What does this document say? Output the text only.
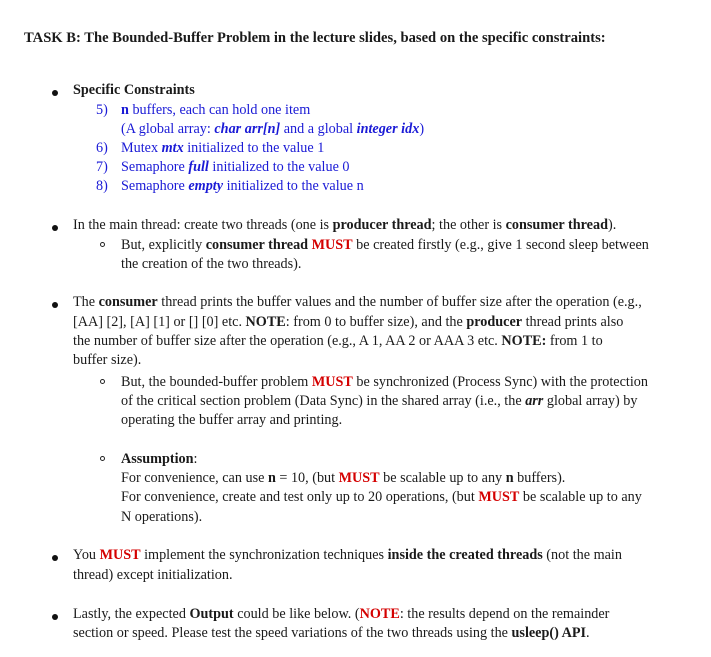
TASK B: The Bounded-Buffer Problem in the lecture slides, based on the specific constraints:
Specific Constraints
5) n buffers, each can hold one item
(A global array: char arr[n] and a global integer idx)
6) Mutex mtx initialized to the value 1
7) Semaphore full initialized to the value 0
8) Semaphore empty initialized to the value n
In the main thread: create two threads (one is producer thread; the other is consumer thread).
But, explicitly consumer thread MUST be created firstly (e.g., give 1 second sleep between
the creation of the two threads).
The consumer thread prints the buffer values and the number of buffer size after the operation (e.g.,
[AA] [2], [A] [1] or [] [0] etc. NOTE: from 0 to buffer size), and the producer thread prints also
the number of buffer size after the operation (e.g., A 1, AA 2 or AAA 3 etc. NOTE: from 1 to
buffer size).
But, the bounded-buffer problem MUST be synchronized (Process Sync) with the protection
of the critical section problem (Data Sync) in the shared array (i.e., the arr global array) by
operating the buffer array and printing.
Assumption:
For convenience, can use n = 10, (but MUST be scalable up to any n buffers).
For convenience, create and test only up to 20 operations, (but MUST be scalable up to any
N operations).
You MUST implement the synchronization techniques inside the created threads (not the main
thread) except initialization.
Lastly, the expected Output could be like below. (NOTE: the results depend on the remainder
section or speed. Please test the speed variations of the two threads using the usleep() API.
